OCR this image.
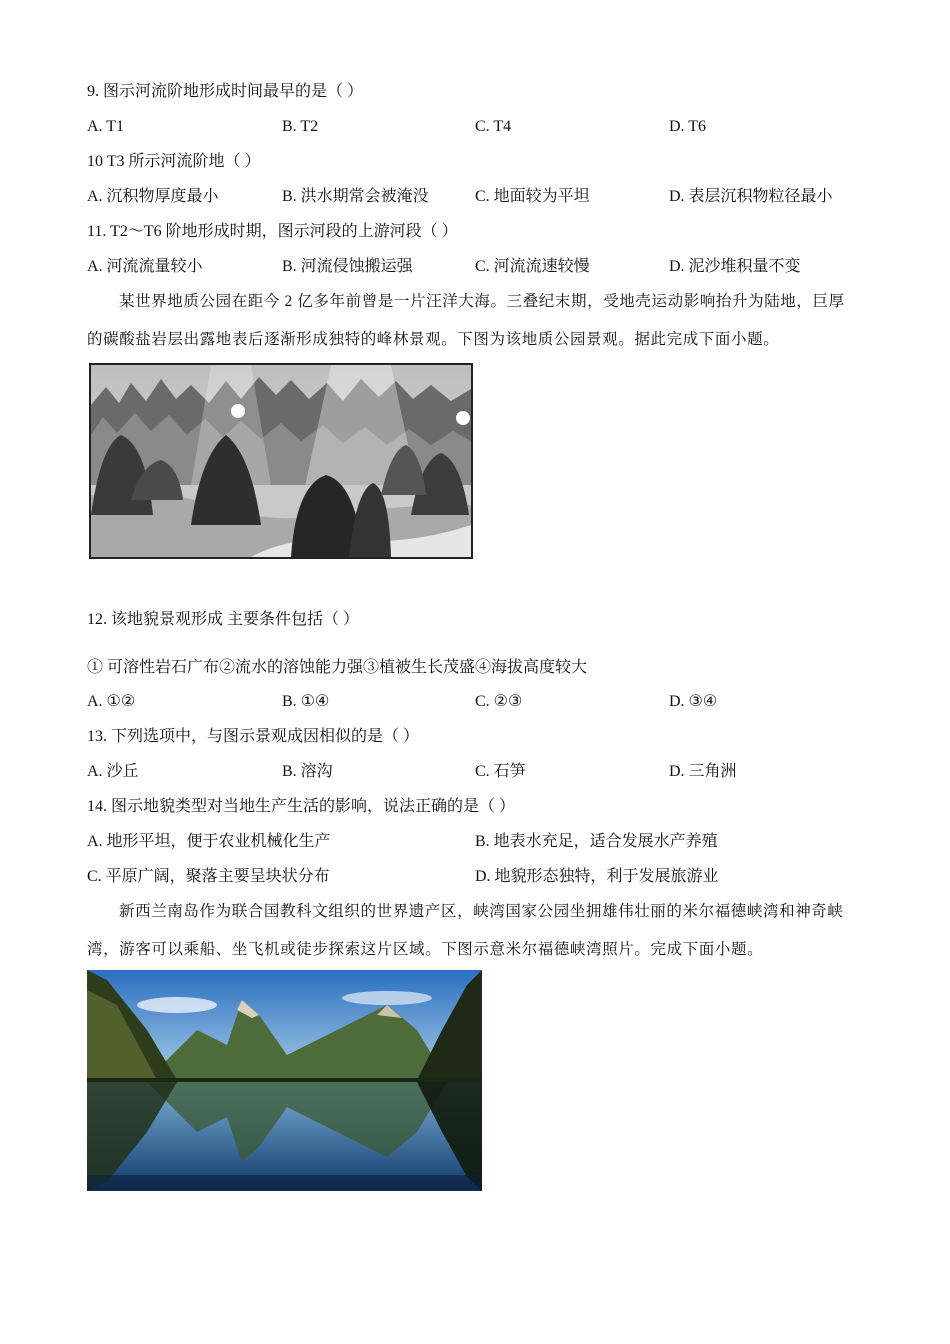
9. 图示河流阶地形成时间最早的是（ ）
A. T1	B. T2	C. T4	D. T6
10 T3 所示河流阶地（ ）
A. 沉积物厚度最小	B. 洪水期常会被淹没	C. 地面较为平坦	D. 表层沉积物粒径最小
11. T2～T6 阶地形成时期，图示河段的上游河段（ ）
A. 河流流量较小	B. 河流侵蚀搬运强	C. 河流流速较慢	D. 泥沙堆积量不变
某世界地质公园在距今 2 亿多年前曾是一片汪洋大海。三叠纪末期，受地壳运动影响抬升为陆地，巨厚的碳酸盐岩层出露地表后逐渐形成独特的峰林景观。下图为该地质公园景观。据此完成下面小题。
12. 该地貌景观形成 主要条件包括（ ）
① 可溶性岩石广布②流水的溶蚀能力强③植被生长茂盛④海拔高度较大
A. ①②	B. ①④	C. ②③	D. ③④
13. 下列选项中，与图示景观成因相似的是（ ）
A. 沙丘	B. 溶沟	C. 石笋	D. 三角洲
14. 图示地貌类型对当地生产生活的影响，说法正确的是（ ）
A. 地形平坦，便于农业机械化生产	B. 地表水充足，适合发展水产养殖
C. 平原广阔，聚落主要呈块状分布	D. 地貌形态独特，利于发展旅游业
新西兰南岛作为联合国教科文组织的世界遗产区，峡湾国家公园坐拥雄伟壮丽的米尔福德峡湾和神奇峡湾，游客可以乘船、坐飞机或徒步探索这片区域。下图示意米尔福德峡湾照片。完成下面小题。
